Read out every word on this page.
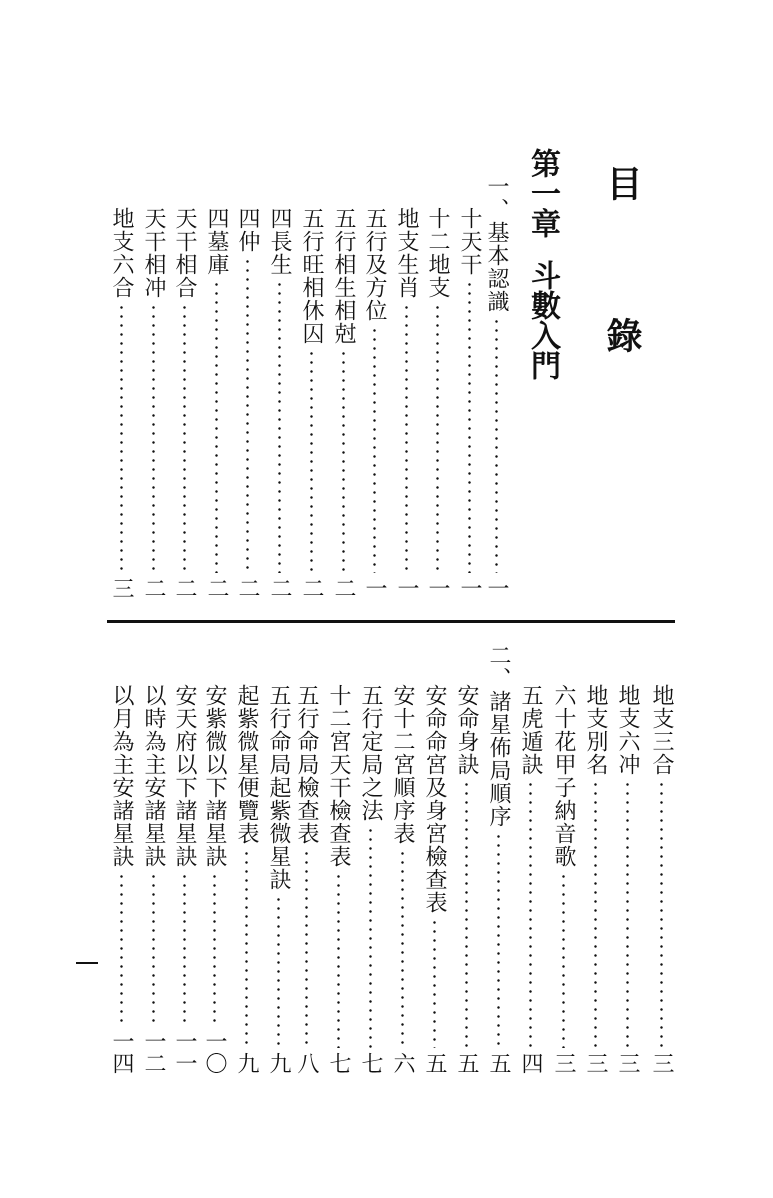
目　錄
第一章斗數入門
一、基本認識
一
十天干
一
十二地支
一
地支生肖
一
五行及方位
一
五行相生相尅
二
五行旺相休囚
二
四長生
二
四仲
二
四墓庫
二
天干相合
二
天干相冲
二
地支六合
三
地支三合
三
地支六冲
三
地支別名
三
六十花甲子納音歌
三
五虎遁訣
四
二、諸星佈局順序
五
安命身訣
五
安命命宮及身宮檢查表
五
安十二宮順序表
六
五行定局之法
七
十二宮天干檢查表
七
五行命局檢查表
八
五行命局起紫微星訣
九
起紫微星便覽表
九
安紫微以下諸星訣
一〇
安天府以下諸星訣
一一
以時為主安諸星訣
一二
以月為主安諸星訣
一四
